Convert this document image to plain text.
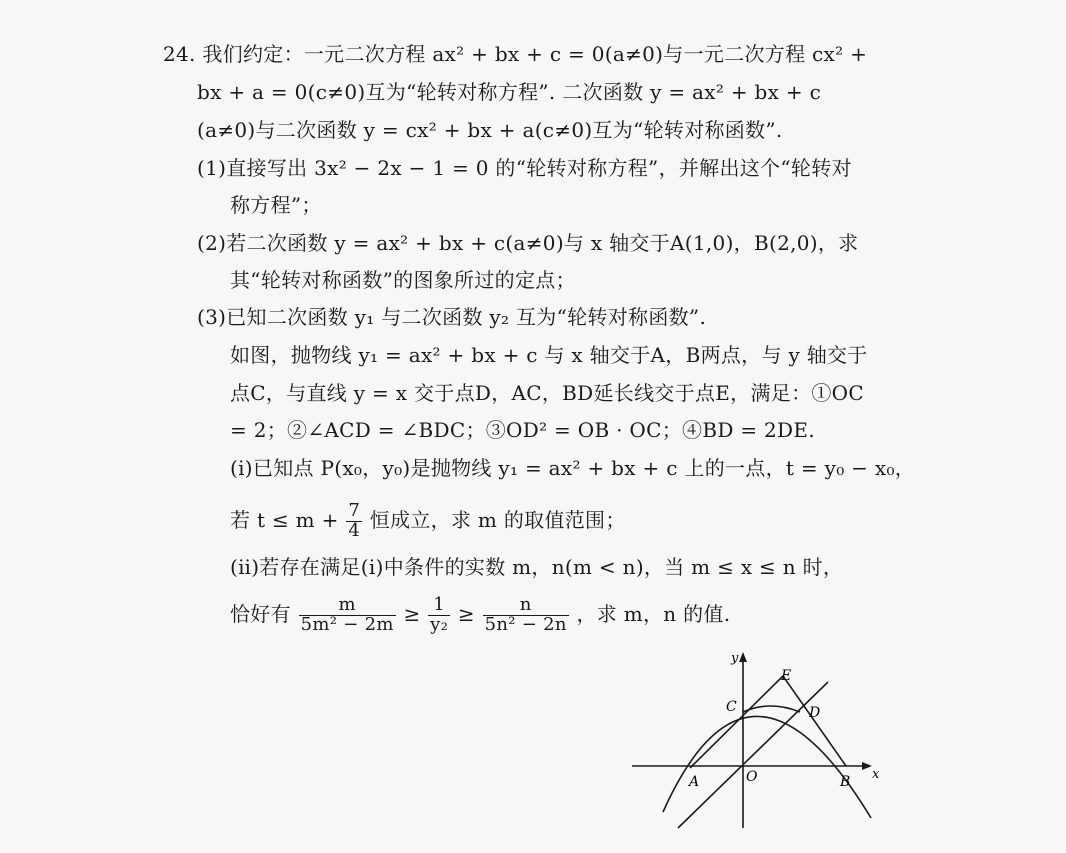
24. 我们约定：一元二次方程 ax² + bx + c = 0(a≠0)与一元二次方程 cx² +
bx + a = 0(c≠0)互为“轮转对称方程”. 二次函数 y = ax² + bx + c
(a≠0)与二次函数 y = cx² + bx + a(c≠0)互为“轮转对称函数”.
(1)直接写出 3x² − 2x − 1 = 0 的“轮转对称方程”，并解出这个“轮转对
称方程”；
(2)若二次函数 y = ax² + bx + c(a≠0)与 x 轴交于A(1,0)，B(2,0)，求
其“轮转对称函数”的图象所过的定点；
(3)已知二次函数 y₁ 与二次函数 y₂ 互为“轮转对称函数”.
如图，抛物线 y₁ = ax² + bx + c 与 x 轴交于A，B两点，与 y 轴交于
点C，与直线 y = x 交于点D，AC，BD延长线交于点E，满足：①OC
= 2；②∠ACD = ∠BDC；③OD² = OB · OC；④BD = 2DE.
(ⅰ)已知点 P(x₀，y₀)是抛物线 y₁ = ax² + bx + c 上的一点，t = y₀ − x₀，
若 $t \le m + \frac{7}{4}$ 恒成立，求 m 的取值范围；
(ⅱ)若存在满足(ⅰ)中条件的实数 m，n(m < n)，当 m ≤ x ≤ n 时，
恰好有 $\frac{m}{\text{5m² − 2m}} \ge \frac{1}{\text{y₂}} \ge \frac{n}{\text{5n² − 2n}}$ ，求 m，n 的值.
y
x
O
A	B
C	D
E
